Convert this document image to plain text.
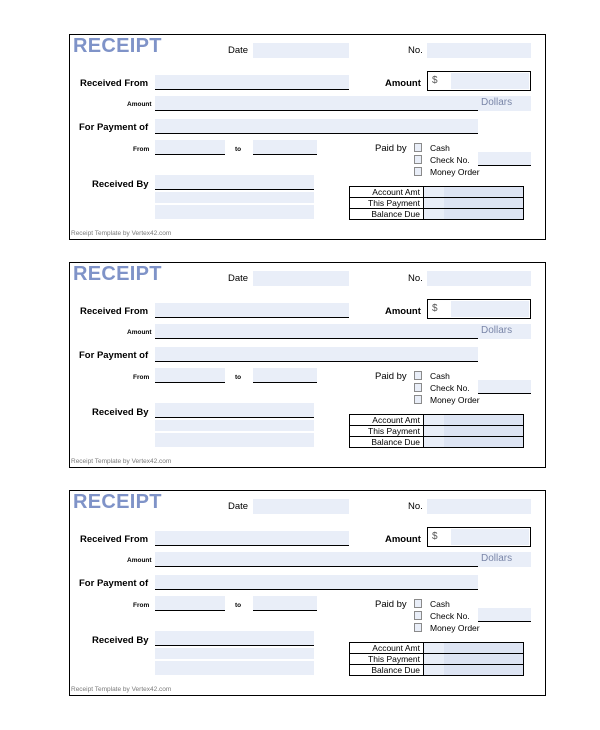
RECEIPT	Date	No.
Received From	Amount $
Amount	Dollars
For Payment of
From	to	Paid by	Cash
Check No.
Money Order
Received By
Account Amt	

This Payment	

Balance Due	
Receipt Template by Vertex42.com
RECEIPT	Date	No.
Received From	Amount $
Amount	Dollars
For Payment of
From	to	Paid by	Cash
Check No.
Money Order
Received By
Account Amt	

This Payment	

Balance Due	
Receipt Template by Vertex42.com
RECEIPT	Date	No.
Received From	Amount $
Amount	Dollars
For Payment of
From	to	Paid by	Cash
Check No.
Money Order
Received By
Account Amt	

This Payment	

Balance Due	
Receipt Template by Vertex42.com
